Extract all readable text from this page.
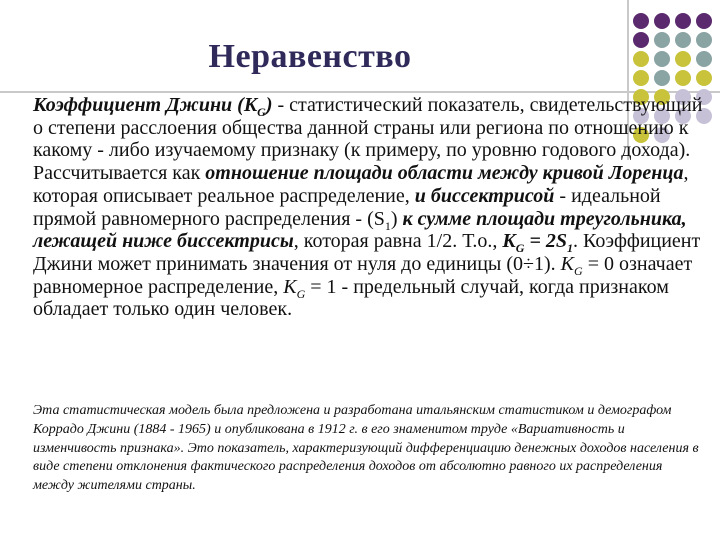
Неравенство

Коэффициент Джини $(K_G)$ - статистический показатель, свидетельствующий о степени расслоения общества данной страны или региона по отношению к какому - либо изучаемому признаку (к примеру, по уровню годового дохода). Рассчитывается как отношение площади области между кривой Лоренца, которая описывает реальное распределение, и биссектрисой - идеальной прямой равномерного распределения - $(S_1)$ к сумме площади треугольника, лежащей ниже биссектрисы, которая равна 1/2. Т.о., $K_G = 2S_1$. Коэффициент Джини может принимать значения от нуля до единицы (0÷1). $K_G = 0$ означает равномерное распределение, $K_G = 1$ - предельный случай, когда признаком обладает только один человек.

Эта статистическая модель была предложена и разработана итальянским статистиком и демографом Коррадо Джини (1884 - 1965) и опубликована в 1912 г. в его знаменитом труде «Вариативность и изменчивость признака». Это показатель, характеризующий дифференциацию денежных доходов населения в виде степени отклонения фактического распределения доходов от абсолютно равного их распределения между жителями страны.
